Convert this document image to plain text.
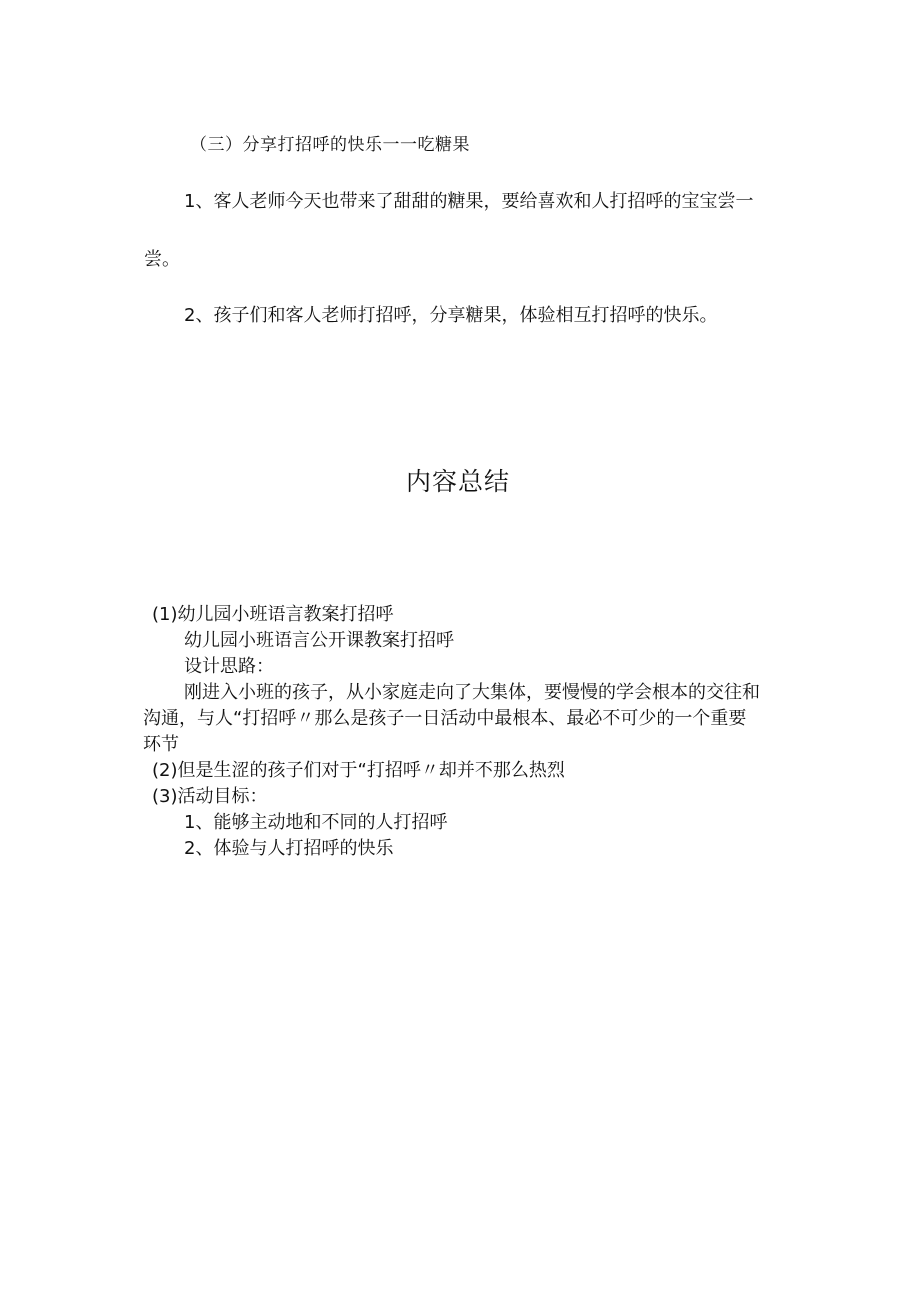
（三）分享打招呼的快乐一一吃糖果
1、客人老师今天也带来了甜甜的糖果，要给喜欢和人打招呼的宝宝尝一
尝。
2、孩子们和客人老师打招呼，分享糖果，体验相互打招呼的快乐。
内容总结
(1)幼儿园小班语言教案打招呼
幼儿园小班语言公开课教案打招呼
设计思路：
刚进入小班的孩子，从小家庭走向了大集体，要慢慢的学会根本的交往和
沟通，与人“打招呼〃那么是孩子一日活动中最根本、最必不可少的一个重要
环节
(2)但是生涩的孩子们对于“打招呼〃却并不那么热烈
(3)活动目标：
1、能够主动地和不同的人打招呼
2、体验与人打招呼的快乐
